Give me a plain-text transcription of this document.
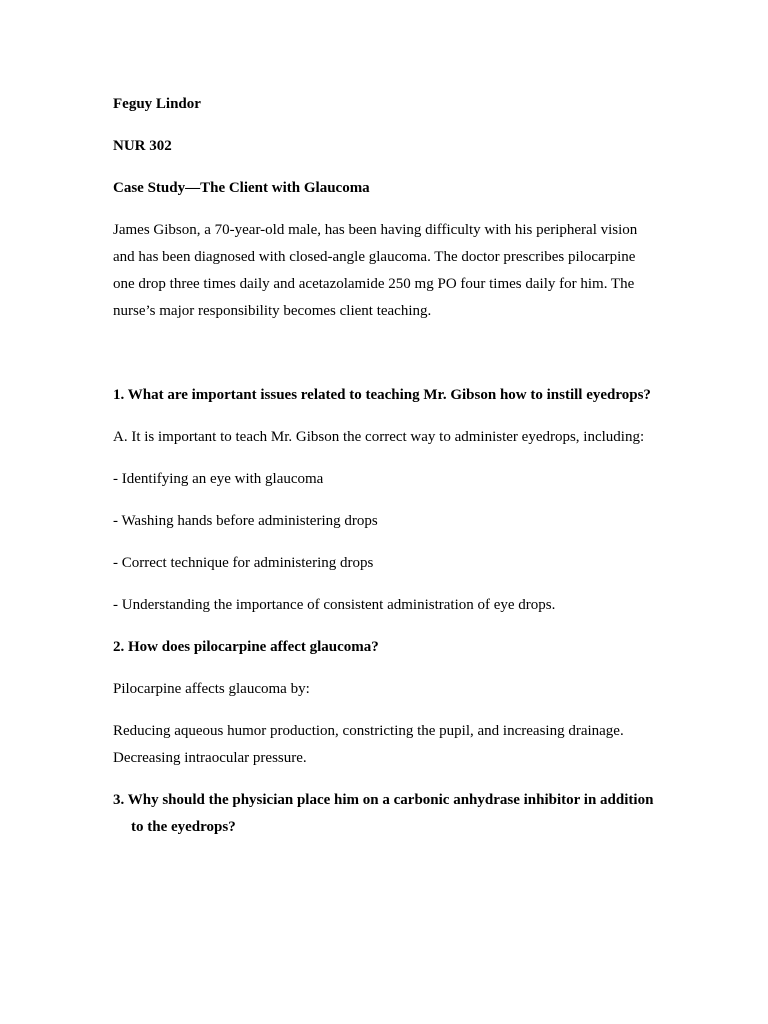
Feguy Lindor

NUR 302

Case Study—The Client with Glaucoma

James Gibson, a 70-year-old male, has been having difficulty with his peripheral vision and has been diagnosed with closed-angle glaucoma. The doctor prescribes pilocarpine one drop three times daily and acetazolamide 250 mg PO four times daily for him. The nurse’s major responsibility becomes client teaching.

1. What are important issues related to teaching Mr. Gibson how to instill eyedrops?

A. It is important to teach Mr. Gibson the correct way to administer eyedrops, including:

- Identifying an eye with glaucoma

- Washing hands before administering drops

- Correct technique for administering drops

- Understanding the importance of consistent administration of eye drops.

2. How does pilocarpine affect glaucoma?

Pilocarpine affects glaucoma by:

Reducing aqueous humor production, constricting the pupil, and increasing drainage. Decreasing intraocular pressure.

3. Why should the physician place him on a carbonic anhydrase inhibitor in addition to the eyedrops?
